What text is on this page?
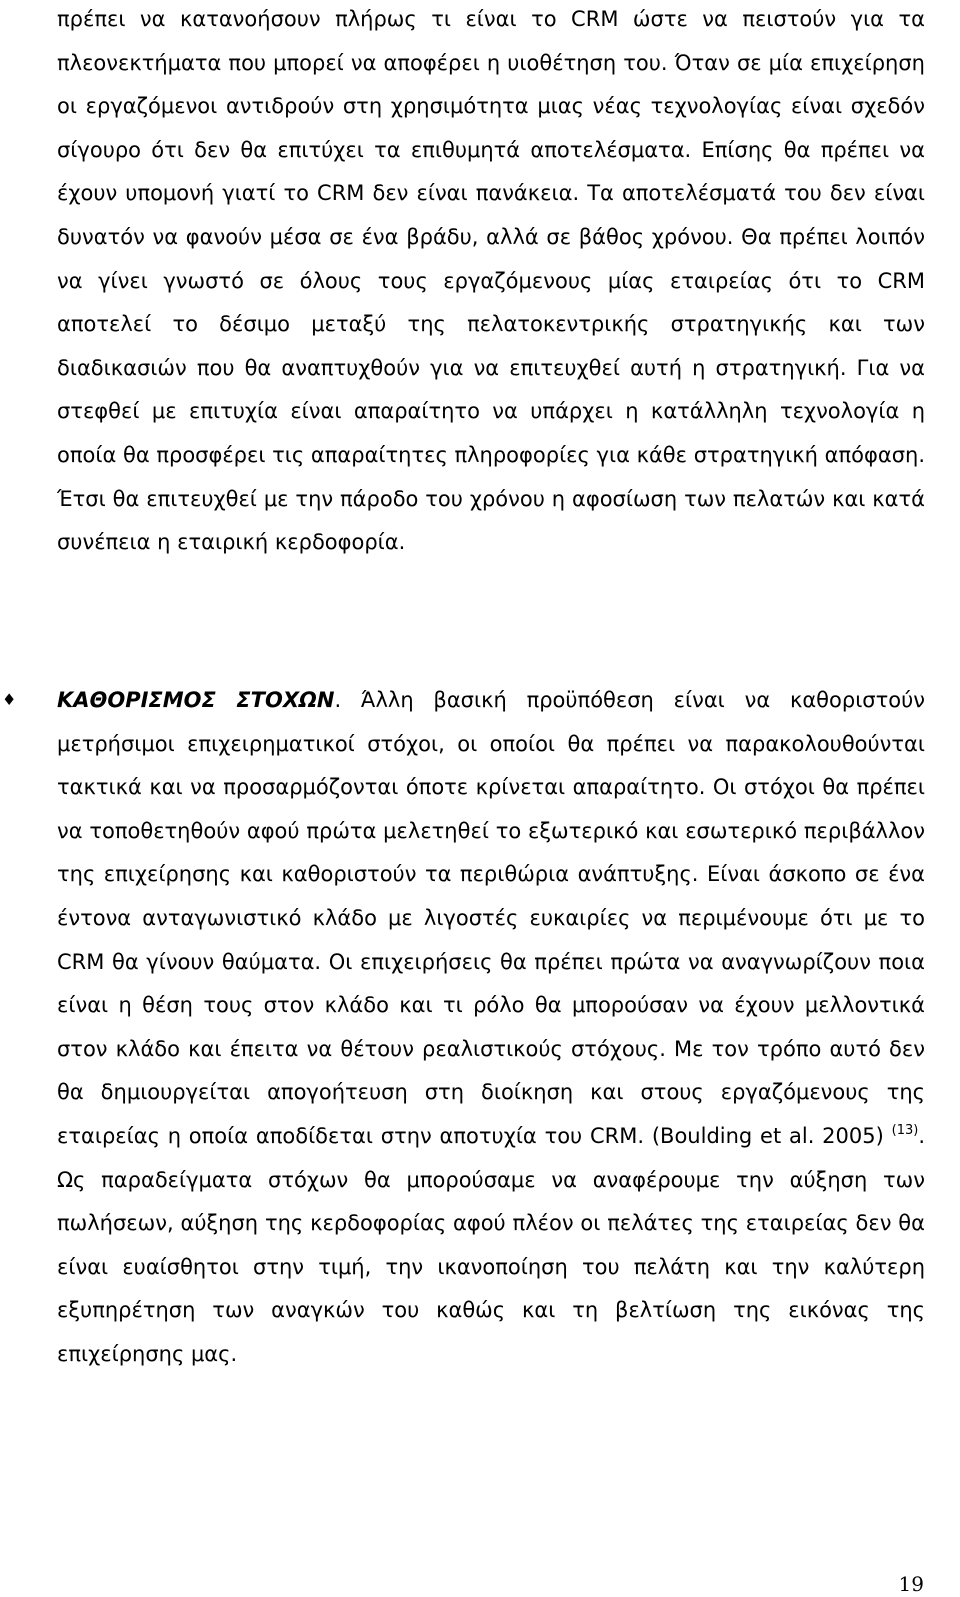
πρέπει να κατανοήσουν πλήρως τι είναι το CRM ώστε να πειστούν για τα πλεονεκτήματα που μπορεί να αποφέρει η υιοθέτηση του. Όταν σε μία επιχείρηση οι εργαζόμενοι αντιδρούν στη χρησιμότητα μιας νέας τεχνολογίας είναι σχεδόν σίγουρο ότι δεν θα επιτύχει τα επιθυμητά αποτελέσματα. Επίσης θα πρέπει να έχουν υπομονή γιατί το CRM δεν είναι πανάκεια. Τα αποτελέσματά του δεν είναι δυνατόν να φανούν μέσα σε ένα βράδυ, αλλά σε βάθος χρόνου. Θα πρέπει λοιπόν να γίνει γνωστό σε όλους τους εργαζόμενους μίας εταιρείας ότι το CRM αποτελεί το δέσιμο μεταξύ της πελατοκεντρικής στρατηγικής και των διαδικασιών που θα αναπτυχθούν για να επιτευχθεί αυτή η στρατηγική. Για να στεφθεί με επιτυχία είναι απαραίτητο να υπάρχει η κατάλληλη τεχνολογία η οποία θα προσφέρει τις απαραίτητες πληροφορίες για κάθε στρατηγική απόφαση. Έτσι θα επιτευχθεί με την πάροδο του χρόνου η αφοσίωση των πελατών και κατά συνέπεια η εταιρική κερδοφορία.

♦ ΚΑΘΟΡΙΣΜΟΣ ΣΤΟΧΩΝ. Άλλη βασική προϋπόθεση είναι να καθοριστούν μετρήσιμοι επιχειρηματικοί στόχοι, οι οποίοι θα πρέπει να παρακολουθούνται τακτικά και να προσαρμόζονται όποτε κρίνεται απαραίτητο. Οι στόχοι θα πρέπει να τοποθετηθούν αφού πρώτα μελετηθεί το εξωτερικό και εσωτερικό περιβάλλον της επιχείρησης και καθοριστούν τα περιθώρια ανάπτυξης. Είναι άσκοπο σε ένα έντονα ανταγωνιστικό κλάδο με λιγοστές ευκαιρίες να περιμένουμε ότι με το CRM θα γίνουν θαύματα. Οι επιχειρήσεις θα πρέπει πρώτα να αναγνωρίζουν ποια είναι η θέση τους στον κλάδο και τι ρόλο θα μπορούσαν να έχουν μελλοντικά στον κλάδο και έπειτα να θέτουν ρεαλιστικούς στόχους. Με τον τρόπο αυτό δεν θα δημιουργείται απογοήτευση στη διοίκηση και στους εργαζόμενους της εταιρείας η οποία αποδίδεται στην αποτυχία του CRM. (Boulding et al. 2005) $^{(13)}$. Ως παραδείγματα στόχων θα μπορούσαμε να αναφέρουμε την αύξηση των πωλήσεων, αύξηση της κερδοφορίας αφού πλέον οι πελάτες της εταιρείας δεν θα είναι ευαίσθητοι στην τιμή, την ικανοποίηση του πελάτη και την καλύτερη εξυπηρέτηση των αναγκών του καθώς και τη βελτίωση της εικόνας της επιχείρησης μας.

19
